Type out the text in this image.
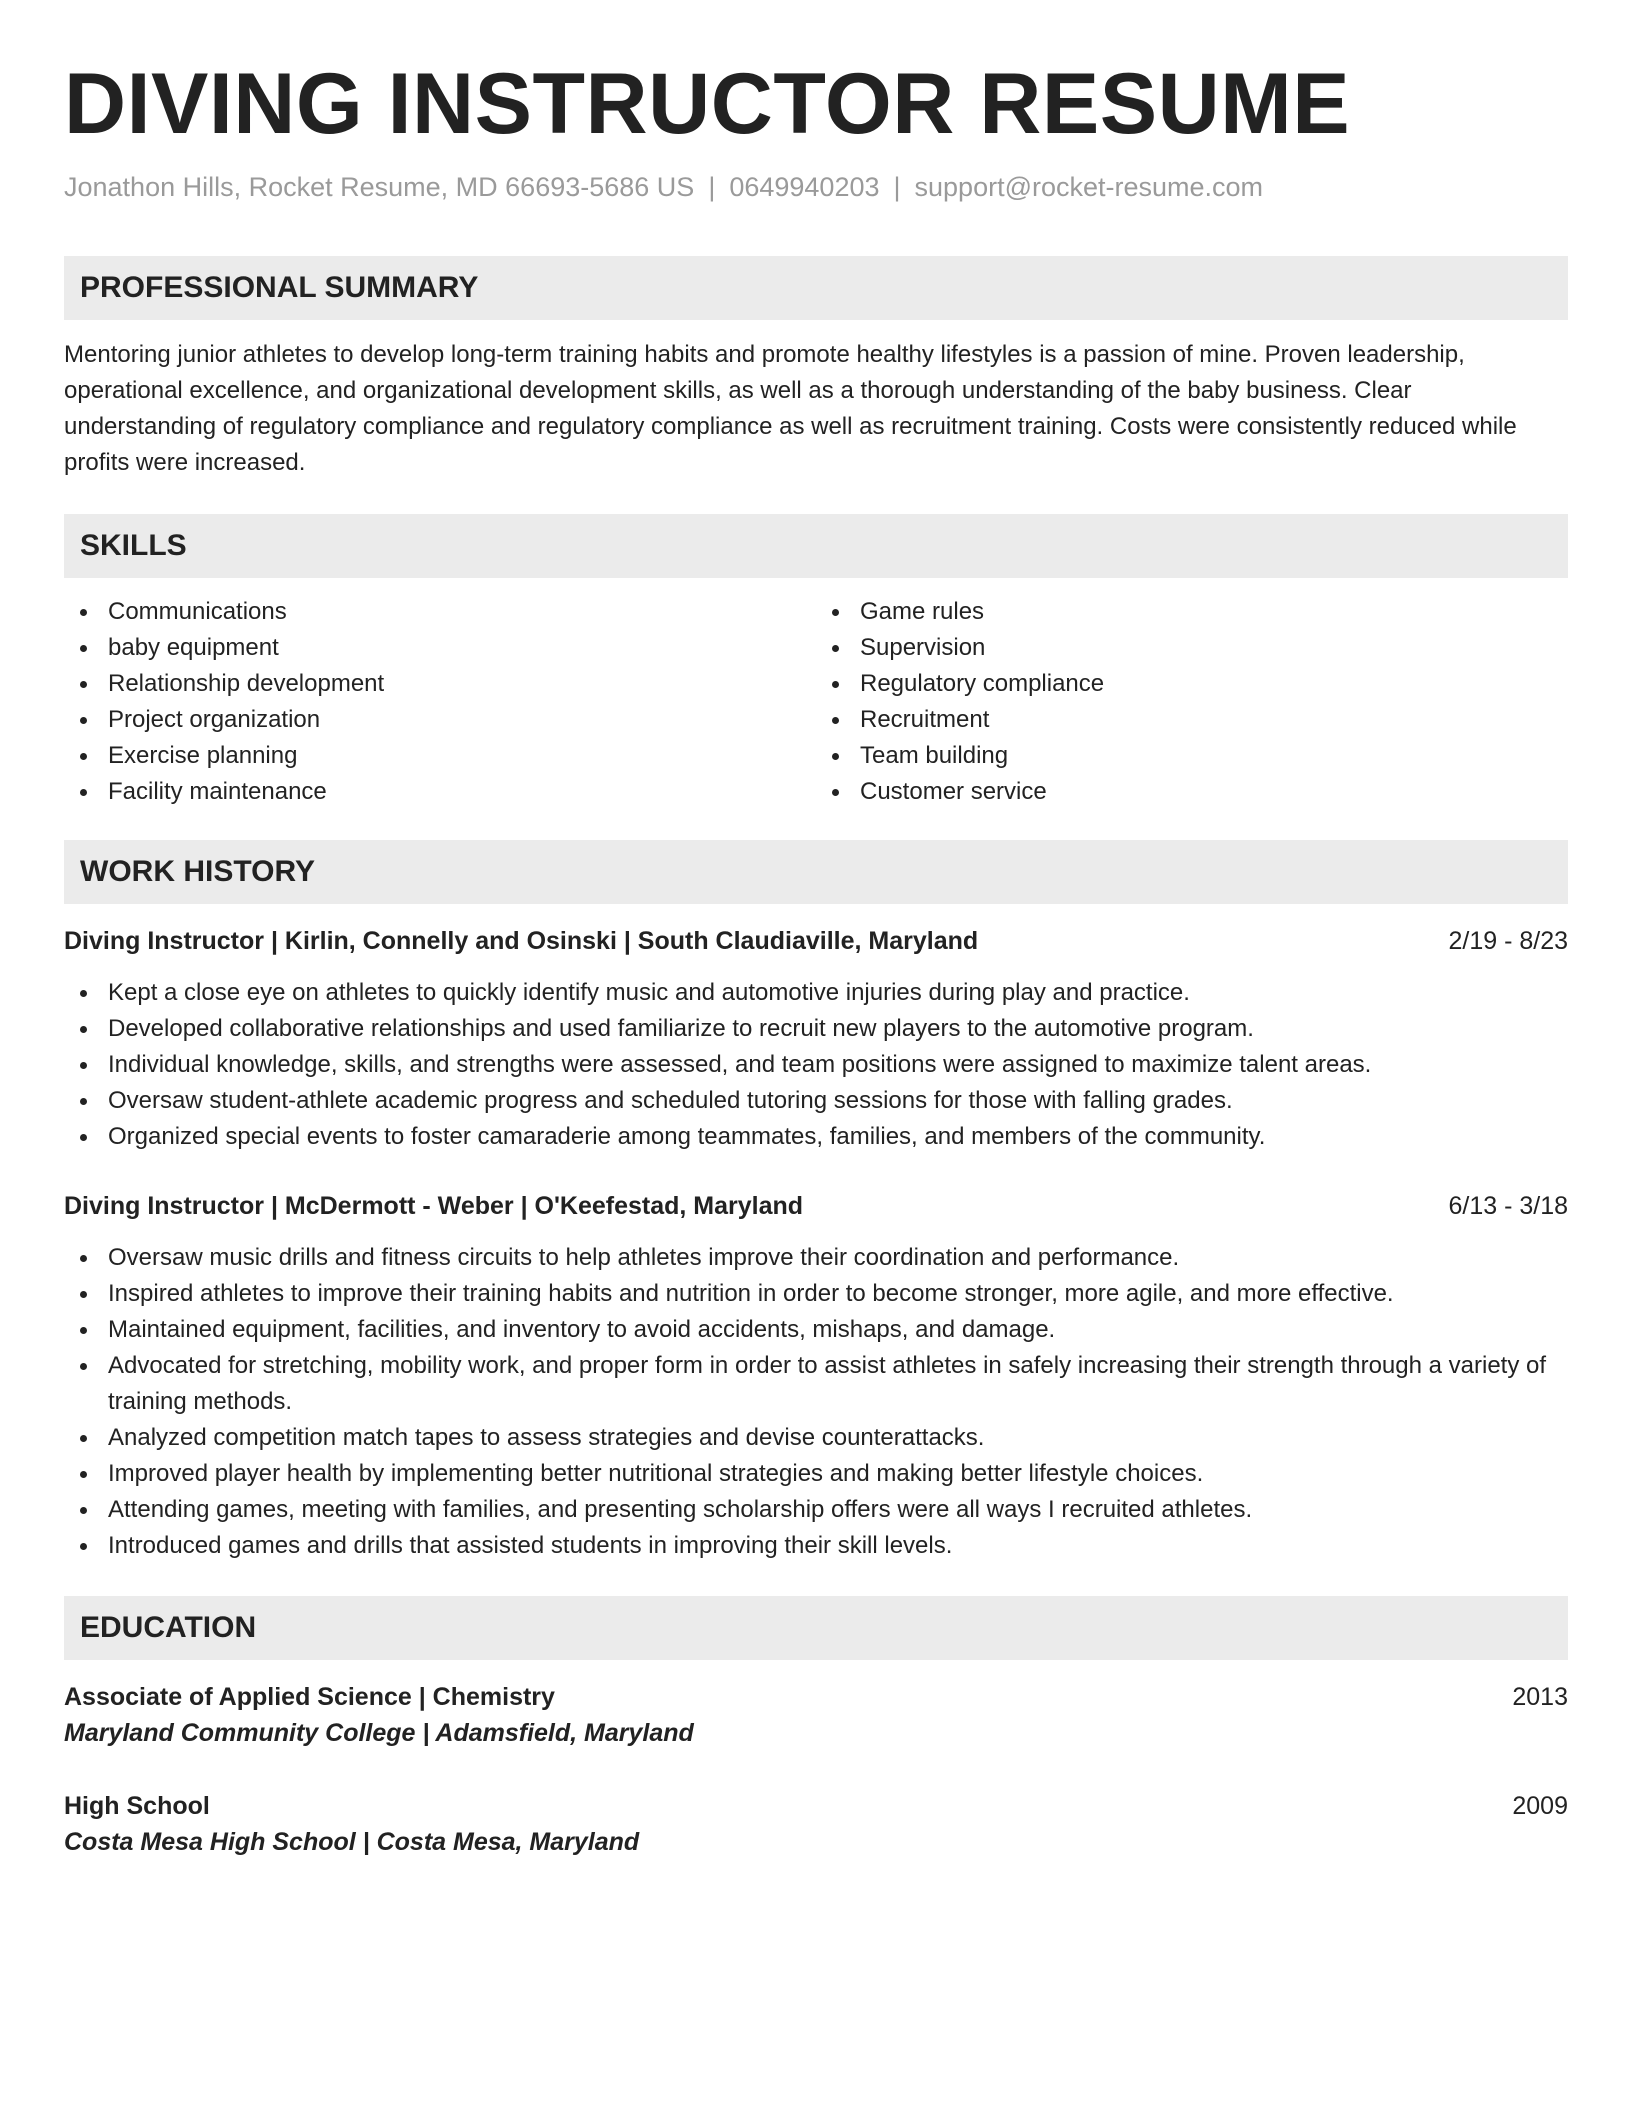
DIVING INSTRUCTOR RESUME
Jonathon Hills, Rocket Resume, MD 66693-5686 US | 0649940203 | support@rocket-resume.com
PROFESSIONAL SUMMARY

Mentoring junior athletes to develop long-term training habits and promote healthy lifestyles is a passion of mine. Proven leadership, operational excellence, and organizational development skills, as well as a thorough understanding of the baby business. Clear understanding of regulatory compliance and regulatory compliance as well as recruitment training. Costs were consistently reduced while profits were increased.

SKILLS
Communications
baby equipment
Relationship development
Project organization
Exercise planning
Facility maintenance
Game rules
Supervision
Regulatory compliance
Recruitment
Team building
Customer service
WORK HISTORY
Diving Instructor | Kirlin, Connelly and Osinski | South Claudiaville, Maryland	2/19 - 8/23
Kept a close eye on athletes to quickly identify music and automotive injuries during play and practice.
Developed collaborative relationships and used familiarize to recruit new players to the automotive program.
Individual knowledge, skills, and strengths were assessed, and team positions were assigned to maximize talent areas.
Oversaw student-athlete academic progress and scheduled tutoring sessions for those with falling grades.
Organized special events to foster camaraderie among teammates, families, and members of the community.
Diving Instructor | McDermott - Weber | O'Keefestad, Maryland	6/13 - 3/18
Oversaw music drills and fitness circuits to help athletes improve their coordination and performance.
Inspired athletes to improve their training habits and nutrition in order to become stronger, more agile, and more effective.
Maintained equipment, facilities, and inventory to avoid accidents, mishaps, and damage.
Advocated for stretching, mobility work, and proper form in order to assist athletes in safely increasing their strength through a variety of training methods.
Analyzed competition match tapes to assess strategies and devise counterattacks.
Improved player health by implementing better nutritional strategies and making better lifestyle choices.
Attending games, meeting with families, and presenting scholarship offers were all ways I recruited athletes.
Introduced games and drills that assisted students in improving their skill levels.
EDUCATION
Associate of Applied Science | Chemistry	2013
Maryland Community College | Adamsfield, Maryland
High School	2009
Costa Mesa High School | Costa Mesa, Maryland
